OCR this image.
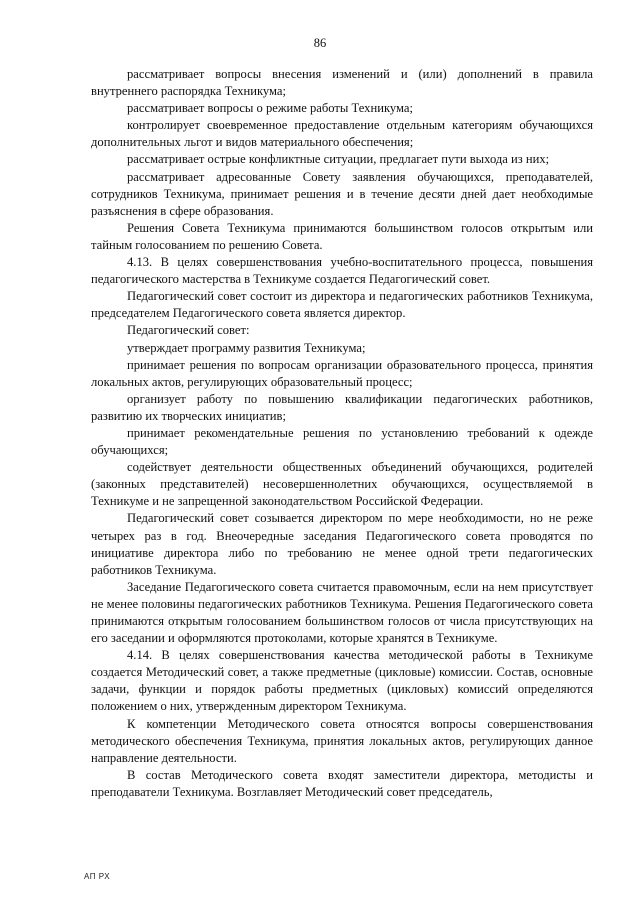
86

рассматривает вопросы внесения изменений и (или) дополнений в правила внутреннего распорядка Техникума;

рассматривает вопросы о режиме работы Техникума;

контролирует своевременное предоставление отдельным категориям обучающихся дополнительных льгот и видов материального обеспечения;

рассматривает острые конфликтные ситуации, предлагает пути выхода из них;

рассматривает адресованные Совету заявления обучающихся, преподавателей, сотрудников Техникума, принимает решения и в течение десяти дней дает необходимые разъяснения в сфере образования.

Решения Совета Техникума принимаются большинством голосов открытым или тайным голосованием по решению Совета.

4.13. В целях совершенствования учебно-воспитательного процесса, повышения педагогического мастерства в Техникуме создается Педагогический совет.

Педагогический совет состоит из директора и педагогических работников Техникума, председателем Педагогического совета является директор.

Педагогический совет:

утверждает программу развития Техникума;

принимает решения по вопросам организации образовательного процесса, принятия локальных актов, регулирующих образовательный процесс;

организует работу по повышению квалификации педагогических работников, развитию их творческих инициатив;

принимает рекомендательные решения по установлению требований к одежде обучающихся;

содействует деятельности общественных объединений обучающихся, родителей (законных представителей) несовершеннолетних обучающихся, осуществляемой в Техникуме и не запрещенной законодательством Российской Федерации.

Педагогический совет созывается директором по мере необходимости, но не реже четырех раз в год. Внеочередные заседания Педагогического совета проводятся по инициативе директора либо по требованию не менее одной трети педагогических работников Техникума.

Заседание Педагогического совета считается правомочным, если на нем присутствует не менее половины педагогических работников Техникума. Решения Педагогического совета принимаются открытым голосованием большинством голосов от числа присутствующих на его заседании и оформляются протоколами, которые хранятся в Техникуме.

4.14. В целях совершенствования качества методической работы в Техникуме создается Методический совет, а также предметные (цикловые) комиссии. Состав, основные задачи, функции и порядок работы предметных (цикловых) комиссий определяются положением о них, утвержденным директором Техникума.

К компетенции Методического совета относятся вопросы совершенствования методического обеспечения Техникума, принятия локальных актов, регулирующих данное направление деятельности.

В состав Методического совета входят заместители директора, методисты и преподаватели Техникума. Возглавляет Методический совет председатель,

АП РХ
